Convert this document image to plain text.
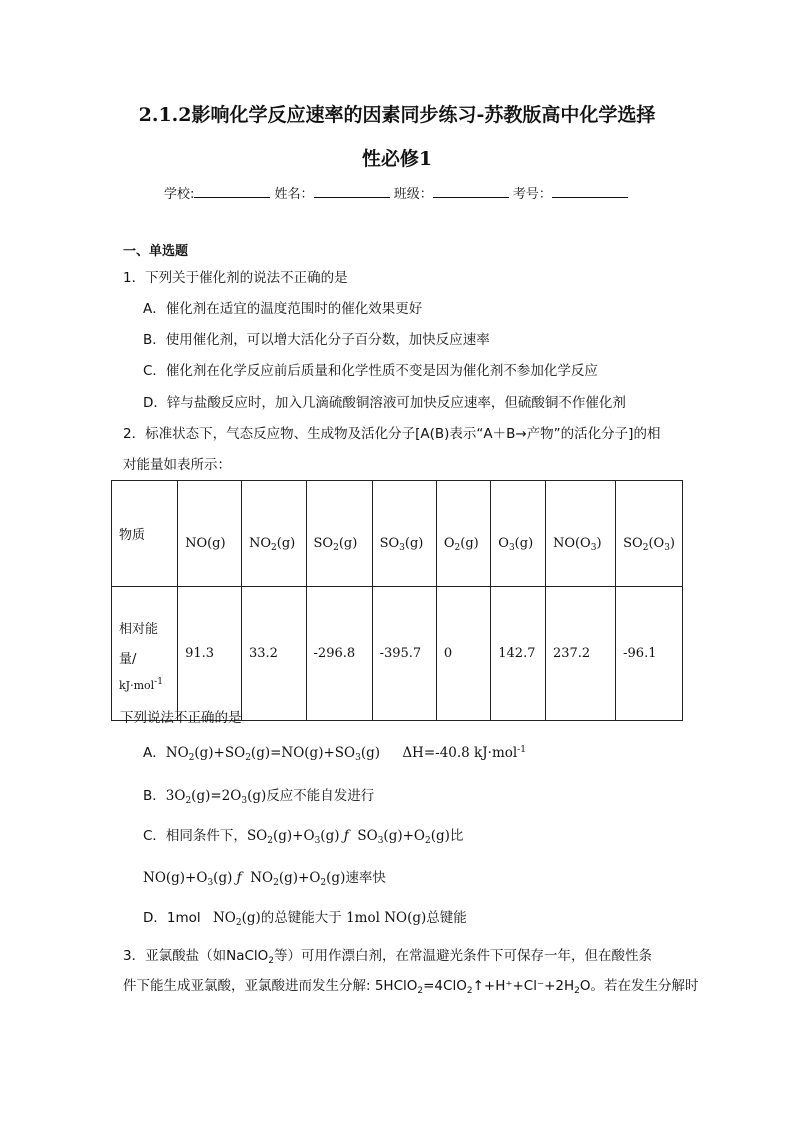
2.1.2影响化学反应速率的因素同步练习-苏教版高中化学选择
性必修1
学校:	姓名：	班级：	考号：
一、单选题
1．下列关于催化剂的说法不正确的是
A．催化剂在适宜的温度范围时的催化效果更好
B．使用催化剂，可以增大活化分子百分数，加快反应速率
C．催化剂在化学反应前后质量和化学性质不变是因为催化剂不参加化学反应
D．锌与盐酸反应时，加入几滴硫酸铜溶液可加快反应速率，但硫酸铜不作催化剂
2．标准状态下，气态反应物、生成物及活化分子[A(B)表示“A＋B→产物”的活化分子]的相
对能量如表所示：
物质	NO(g)	$NO_2(g)$	$SO_2(g)$	$SO_3(g)$	$O_2(g)$	$O_3(g)$	$NO(O_3)$	$SO_2(O_3)$

相对能
量/
kJ·mol$^{-1}$	91.3	33.2	-296.8	-395.7	0	142.7	237.2	-96.1
下列说法不正确的是
A．$NO_2(g)+SO_2(g)=NO(g)+SO_3(g)$ ΔH=-40.8 kJ·mol$^{-1}$
B．$3O_2(g)=2O_3(g)$反应不能自发进行
C．相同条件下，$SO_2(g)+O_3(g)$ ƒ  $SO_3(g)+O_2(g)$比
$NO(g)+O_3(g)$ ƒ  $NO_2(g)+O_2(g)$速率快
D．1mol $NO_2(g)$的总键能大于 1mol NO(g)总键能
3．亚氯酸盐（如NaClO$_2$等）可用作漂白剂，在常温避光条件下可保存一年，但在酸性条
件下能生成亚氯酸，亚氯酸进而发生分解: $5HClO_2=4ClO_2↑+H^++Cl^-+2H_2O$。若在发生分解时
